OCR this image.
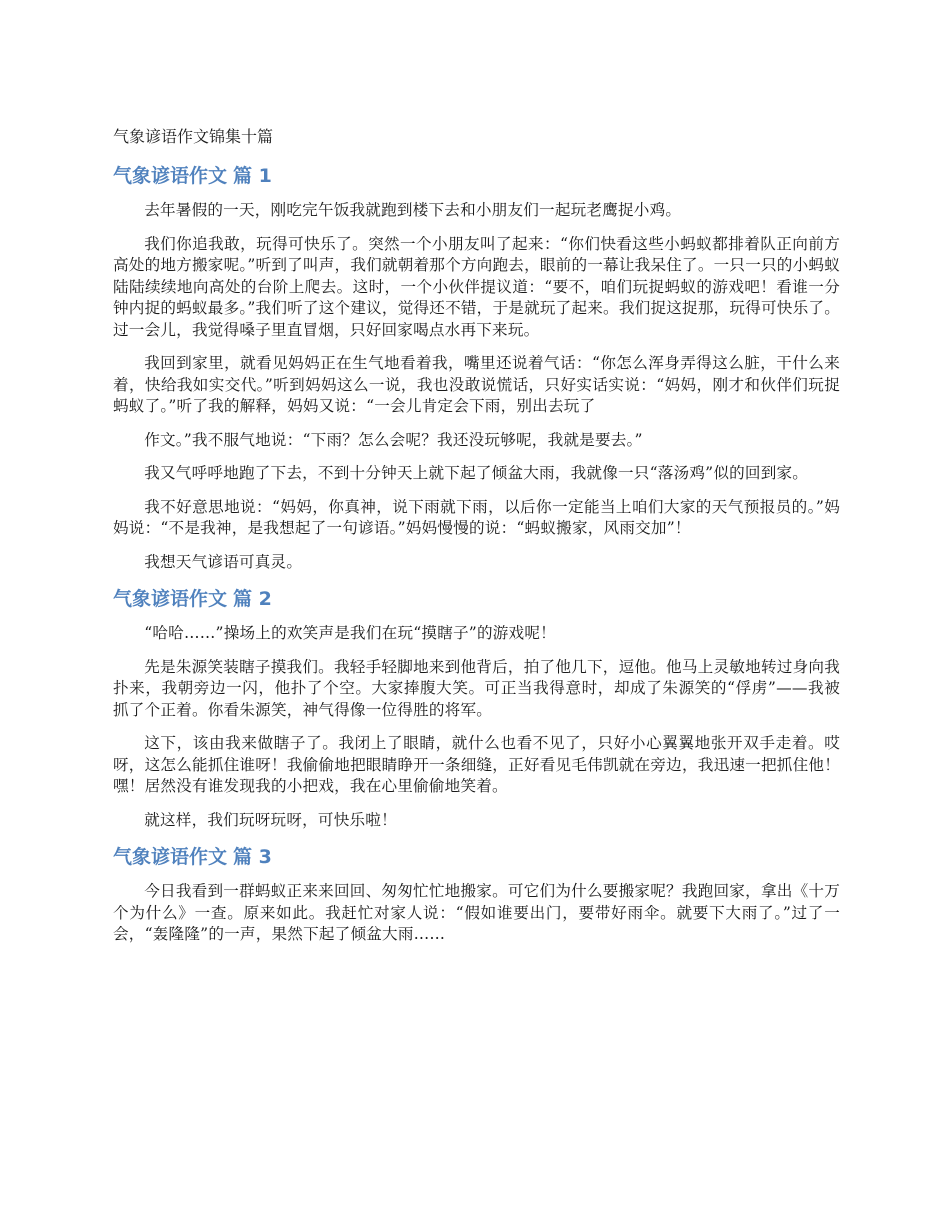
气象谚语作文锦集十篇
气象谚语作文 篇 1

去年暑假的一天，刚吃完午饭我就跑到楼下去和小朋友们一起玩老鹰捉小鸡。

我们你追我敢，玩得可快乐了。突然一个小朋友叫了起来：“你们快看这些小蚂蚁都排着队正向前方高处的地方搬家呢。”听到了叫声，我们就朝着那个方向跑去，眼前的一幕让我呆住了。一只一只的小蚂蚁陆陆续续地向高处的台阶上爬去。这时，一个小伙伴提议道：“要不，咱们玩捉蚂蚁的游戏吧！看谁一分钟内捉的蚂蚁最多。”我们听了这个建议，觉得还不错，于是就玩了起来。我们捉这捉那，玩得可快乐了。过一会儿，我觉得嗓子里直冒烟，只好回家喝点水再下来玩。

我回到家里，就看见妈妈正在生气地看着我，嘴里还说着气话：“你怎么浑身弄得这么脏，干什么来着，快给我如实交代。”听到妈妈这么一说，我也没敢说慌话，只好实话实说：“妈妈，刚才和伙伴们玩捉蚂蚁了。”听了我的解释，妈妈又说：“一会儿肯定会下雨，别出去玩了

作文。”我不服气地说：“下雨？怎么会呢？我还没玩够呢，我就是要去。”

我又气呼呼地跑了下去，不到十分钟天上就下起了倾盆大雨，我就像一只“落汤鸡”似的回到家。

我不好意思地说：“妈妈，你真神，说下雨就下雨，以后你一定能当上咱们大家的天气预报员的。”妈妈说：“不是我神，是我想起了一句谚语。”妈妈慢慢的说：“蚂蚁搬家，风雨交加”！

我想天气谚语可真灵。

气象谚语作文 篇 2

“哈哈……”操场上的欢笑声是我们在玩“摸瞎子”的游戏呢！

先是朱源笑装瞎子摸我们。我轻手轻脚地来到他背后，拍了他几下，逗他。他马上灵敏地转过身向我扑来，我朝旁边一闪，他扑了个空。大家捧腹大笑。可正当我得意时，却成了朱源笑的“俘虏”——我被抓了个正着。你看朱源笑，神气得像一位得胜的将军。

这下，该由我来做瞎子了。我闭上了眼睛，就什么也看不见了，只好小心翼翼地张开双手走着。哎呀，这怎么能抓住谁呀！我偷偷地把眼睛睁开一条细缝，正好看见毛伟凯就在旁边，我迅速一把抓住他！嘿！居然没有谁发现我的小把戏，我在心里偷偷地笑着。

就这样，我们玩呀玩呀，可快乐啦！

气象谚语作文 篇 3

今日我看到一群蚂蚁正来来回回、匆匆忙忙地搬家。可它们为什么要搬家呢？我跑回家，拿出《十万个为什么》一查。原来如此。我赶忙对家人说：“假如谁要出门，要带好雨伞。就要下大雨了。”过了一会，“轰隆隆”的一声，果然下起了倾盆大雨……
